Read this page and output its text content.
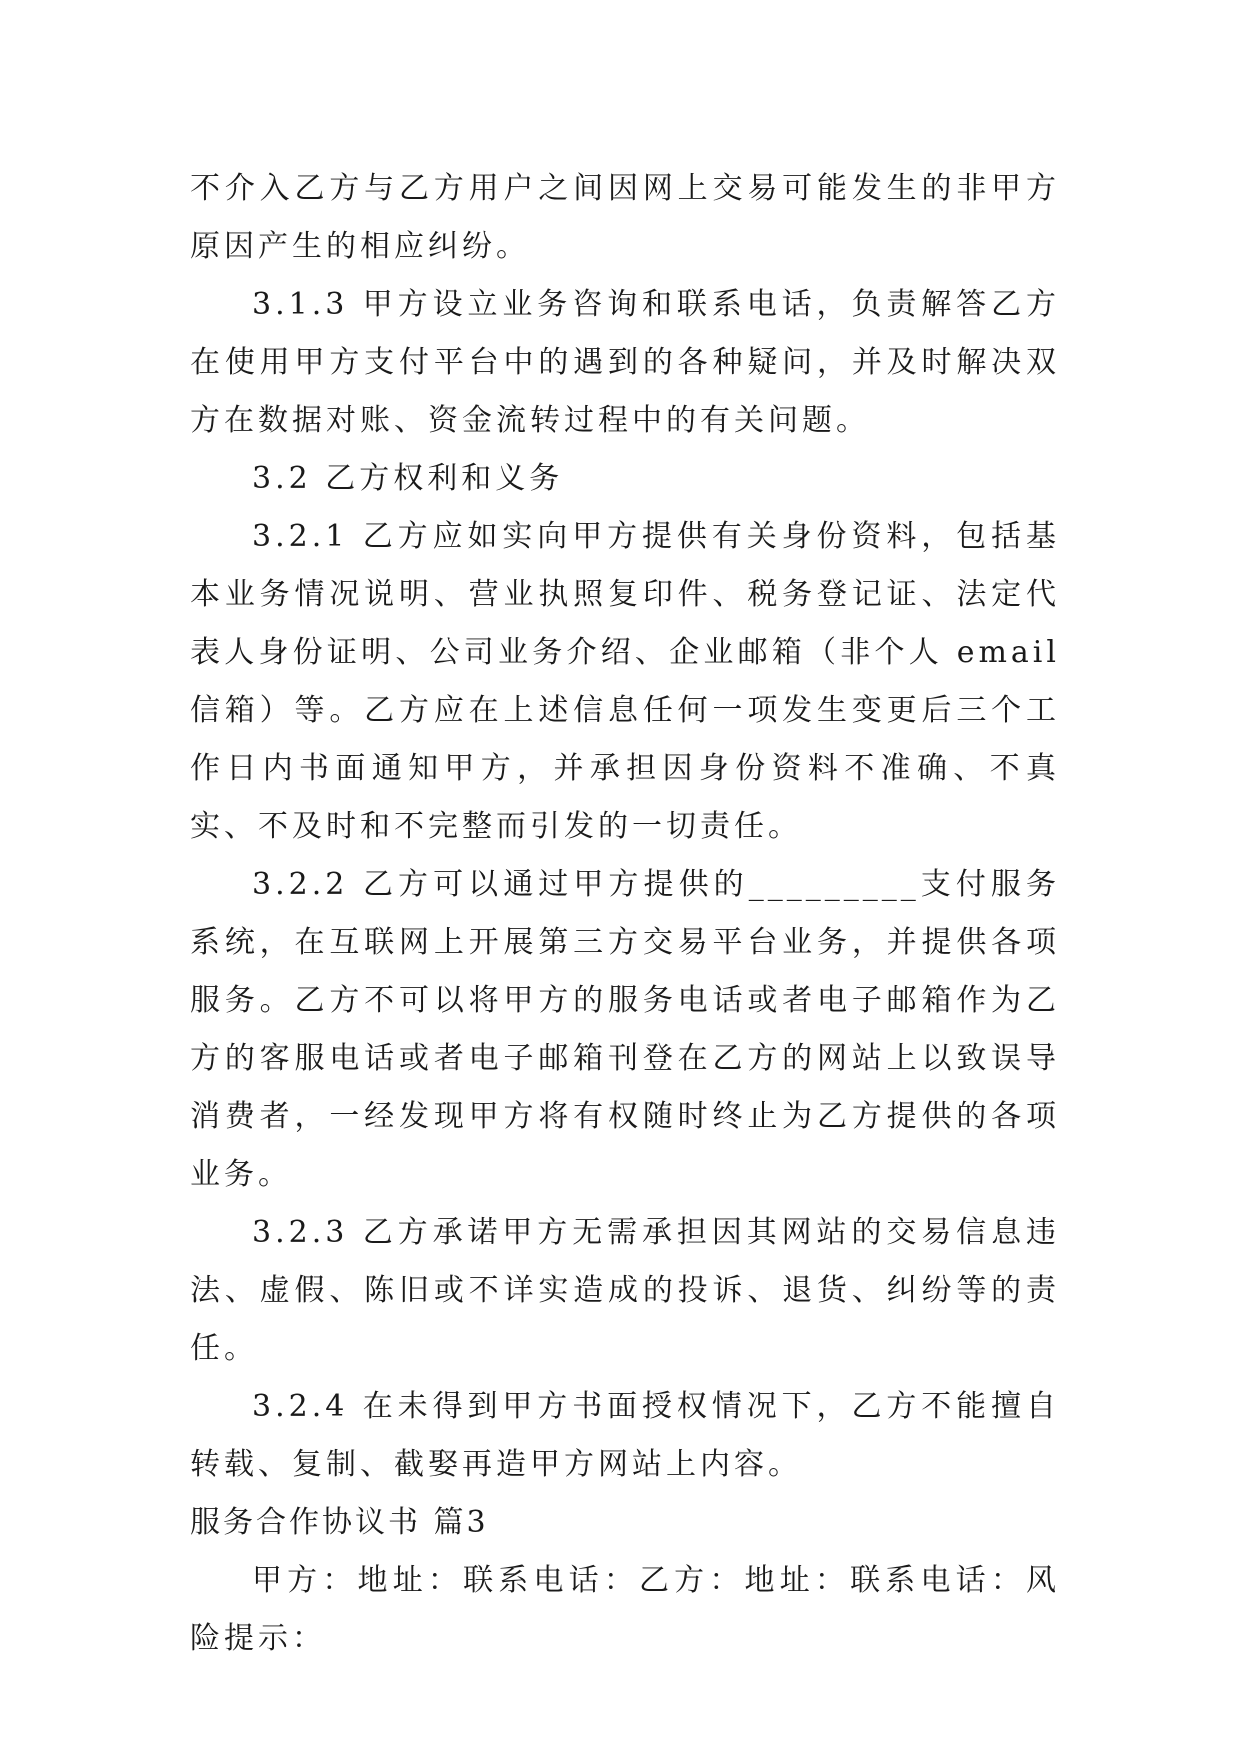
不介入乙方与乙方用户之间因网上交易可能发生的非甲方原因产生的相应纠纷。

3.1.3 甲方设立业务咨询和联系电话，负责解答乙方在使用甲方支付平台中的遇到的各种疑问，并及时解决双方在数据对账、资金流转过程中的有关问题。

3.2 乙方权利和义务

3.2.1 乙方应如实向甲方提供有关身份资料，包括基本业务情况说明、营业执照复印件、税务登记证、法定代表人身份证明、公司业务介绍、企业邮箱（非个人 email 信箱）等。乙方应在上述信息任何一项发生变更后三个工作日内书面通知甲方，并承担因身份资料不准确、不真实、不及时和不完整而引发的一切责任。

3.2.2 乙方可以通过甲方提供的_________支付服务系统，在互联网上开展第三方交易平台业务，并提供各项服务。乙方不可以将甲方的服务电话或者电子邮箱作为乙方的客服电话或者电子邮箱刊登在乙方的网站上以致误导消费者，一经发现甲方将有权随时终止为乙方提供的各项业务。

3.2.3 乙方承诺甲方无需承担因其网站的交易信息违法、虚假、陈旧或不详实造成的投诉、退货、纠纷等的责任。

3.2.4 在未得到甲方书面授权情况下，乙方不能擅自转载、复制、截娶再造甲方网站上内容。

服务合作协议书 篇3

甲方：地址：联系电话：乙方：地址：联系电话：风险提示：
